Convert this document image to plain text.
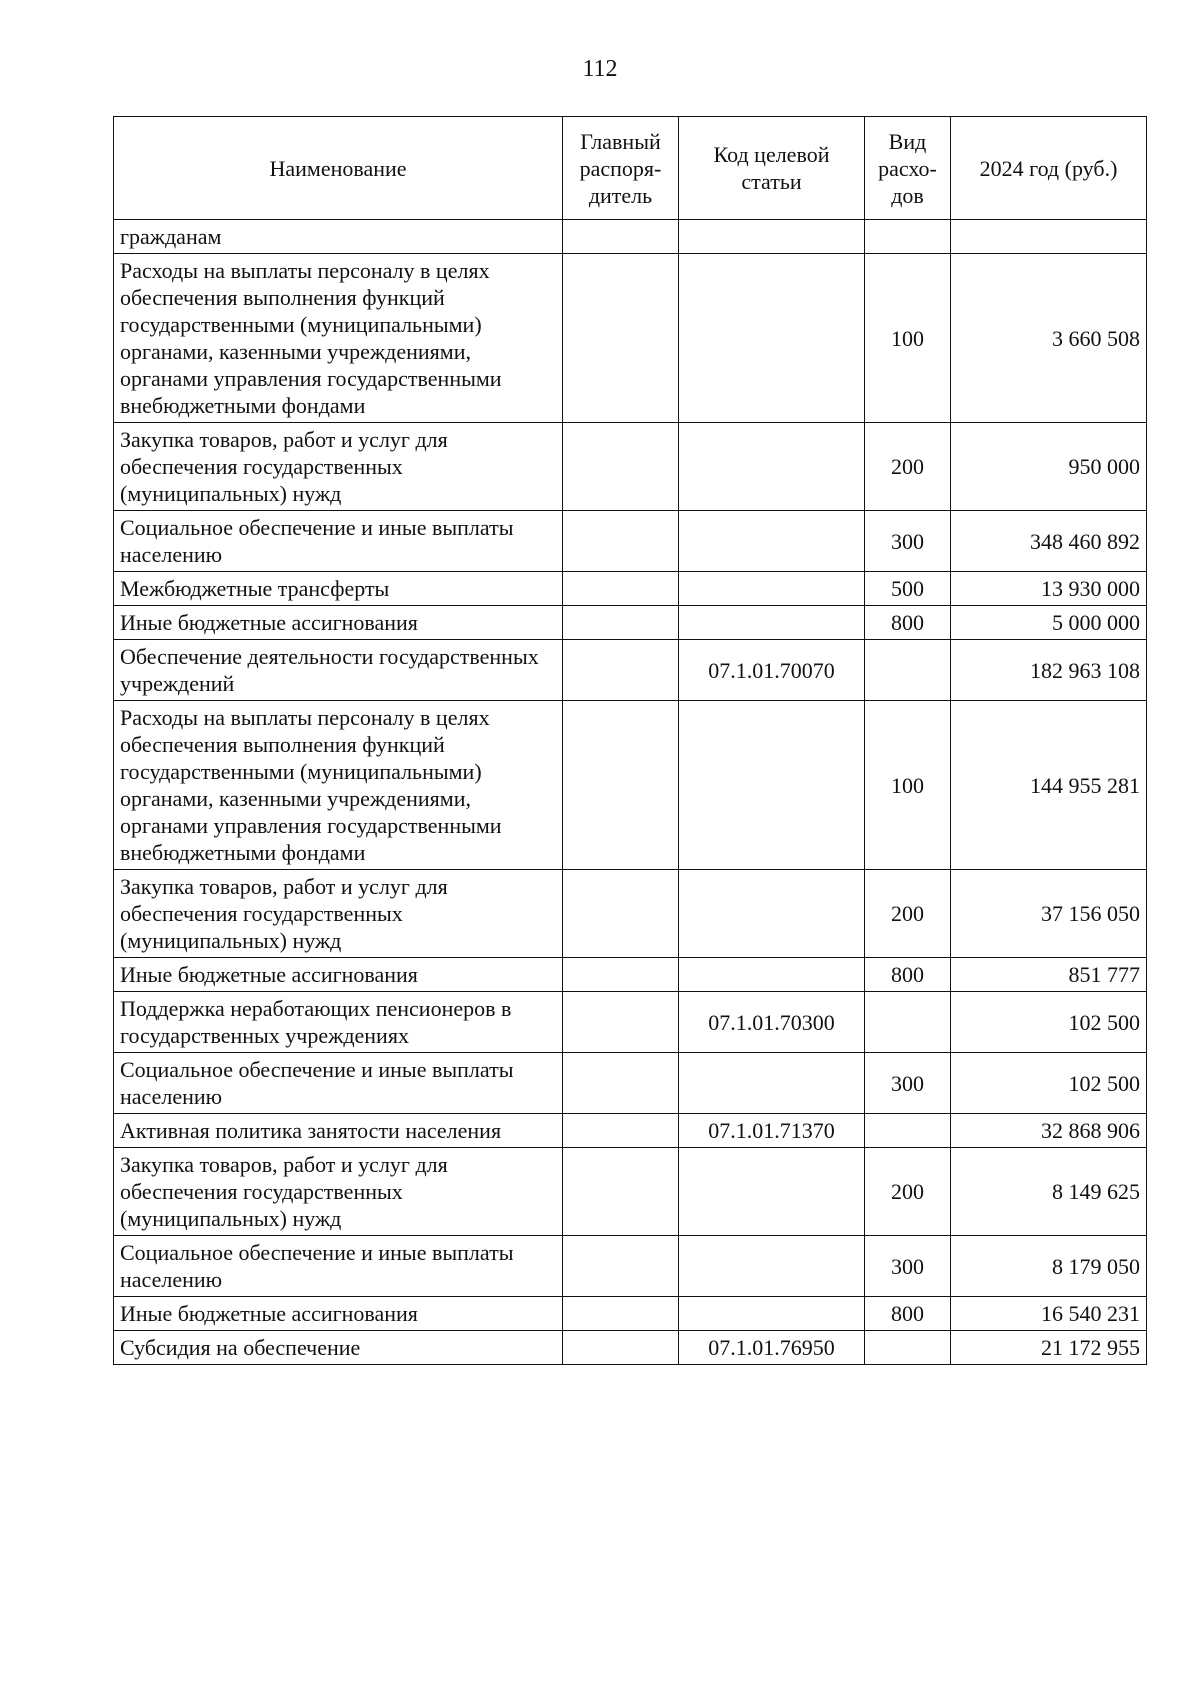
112
Наименование	Главный распоря-дитель	Код целевой статьи	Вид расхо-дов	2024 год (руб.)
гражданам				
Расходы на выплаты персоналу в целях обеспечения выполнения функций государственными (муниципальными) органами, казенными учреждениями, органами управления государственными внебюджетными фондами			100	3 660 508
Закупка товаров, работ и услуг для обеспечения государственных (муниципальных) нужд			200	950 000
Социальное обеспечение и иные выплаты населению			300	348 460 892
Межбюджетные трансферты			500	13 930 000
Иные бюджетные ассигнования			800	5 000 000
Обеспечение деятельности государственных учреждений		07.1.01.70070		182 963 108
Расходы на выплаты персоналу в целях обеспечения выполнения функций государственными (муниципальными) органами, казенными учреждениями, органами управления государственными внебюджетными фондами			100	144 955 281
Закупка товаров, работ и услуг для обеспечения государственных (муниципальных) нужд			200	37 156 050
Иные бюджетные ассигнования			800	851 777
Поддержка неработающих пенсионеров в государственных учреждениях		07.1.01.70300		102 500
Социальное обеспечение и иные выплаты населению			300	102 500
Активная политика занятости населения		07.1.01.71370		32 868 906
Закупка товаров, работ и услуг для обеспечения государственных (муниципальных) нужд			200	8 149 625
Социальное обеспечение и иные выплаты населению			300	8 179 050
Иные бюджетные ассигнования			800	16 540 231
Субсидия на обеспечение		07.1.01.76950		21 172 955
